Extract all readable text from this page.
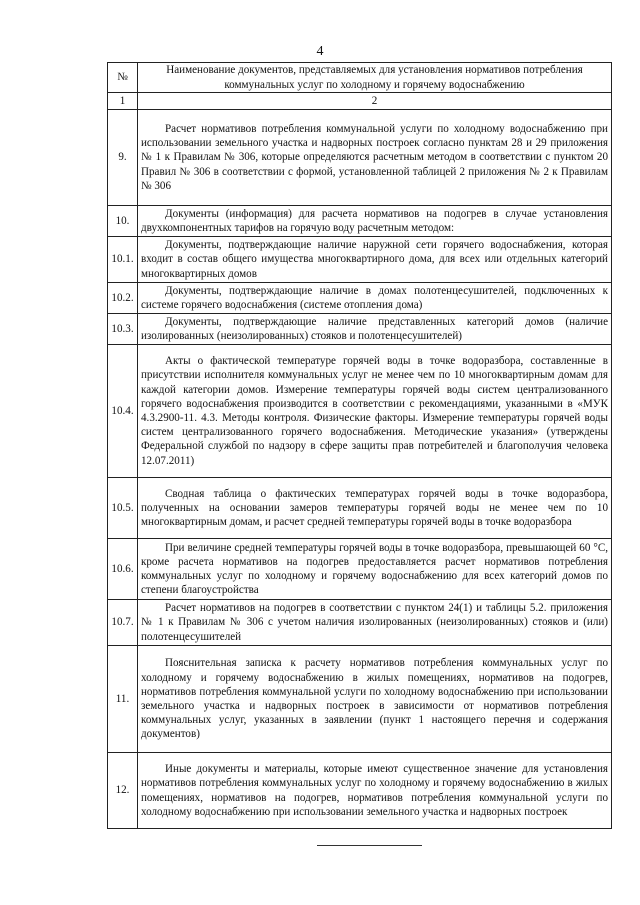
4
№	Наименование документов, представляемых для установления нормативов потребления коммунальных услуг по холодному и горячему водоснабжению
1	2
9.	Расчет нормативов потребления коммунальной услуги по холодному водоснабжению при использовании земельного участка и надворных построек согласно пунктам 28 и 29 приложения № 1 к Правилам № 306, которые определяются расчетным методом в соответствии с пунктом 20 Правил № 306 в соответствии с формой, установленной таблицей 2 приложения № 2 к Правилам № 306
10.	Документы (информация) для расчета нормативов на подогрев в случае установления двухкомпонентных тарифов на горячую воду расчетным методом:
10.1.	Документы, подтверждающие наличие наружной сети горячего водоснабжения, которая входит в состав общего имущества многоквартирного дома, для всех или отдельных категорий многоквартирных домов
10.2.	Документы, подтверждающие наличие в домах полотенцесушителей, подключенных к системе горячего водоснабжения (системе отопления дома)
10.3.	Документы, подтверждающие наличие представленных категорий домов (наличие изолированных (неизолированных) стояков и полотенцесушителей)
10.4.	Акты о фактической температуре горячей воды в точке водоразбора, составленные в присутствии исполнителя коммунальных услуг не менее чем по 10 многоквартирным домам для каждой категории домов. Измерение температуры горячей воды систем централизованного горячего водоснабжения производится в соответствии с рекомендациями, указанными в «МУК 4.3.2900-11. 4.3. Методы контроля. Физические факторы. Измерение температуры горячей воды систем централизованного горячего водоснабжения. Методические указания» (утверждены Федеральной службой по надзору в сфере защиты прав потребителей и благополучия человека 12.07.2011)
10.5.	Сводная таблица о фактических температурах горячей воды в точке водоразбора, полученных на основании замеров температуры горячей воды не менее чем по 10 многоквартирным домам, и расчет средней температуры горячей воды в точке водоразбора
10.6.	При величине средней температуры горячей воды в точке водоразбора, превышающей 60 °С, кроме расчета нормативов на подогрев предоставляется расчет нормативов потребления коммунальных услуг по холодному и горячему водоснабжению для всех категорий домов по степени благоустройства
10.7.	Расчет нормативов на подогрев в соответствии с пунктом 24(1) и таблицы 5.2. приложения № 1 к Правилам № 306 с учетом наличия изолированных (неизолированных) стояков и (или) полотенцесушителей
11.	Пояснительная записка к расчету нормативов потребления коммунальных услуг по холодному и горячему водоснабжению в жилых помещениях, нормативов на подогрев, нормативов потребления коммунальной услуги по холодному водоснабжению при использовании земельного участка и надворных построек в зависимости от нормативов потребления коммунальных услуг, указанных в заявлении (пункт 1 настоящего перечня и содержания документов)
12.	Иные документы и материалы, которые имеют существенное значение для установления нормативов потребления коммунальных услуг по холодному и горячему водоснабжению в жилых помещениях, нормативов на подогрев, нормативов потребления коммунальной услуги по холодному водоснабжению при использовании земельного участка и надворных построек
